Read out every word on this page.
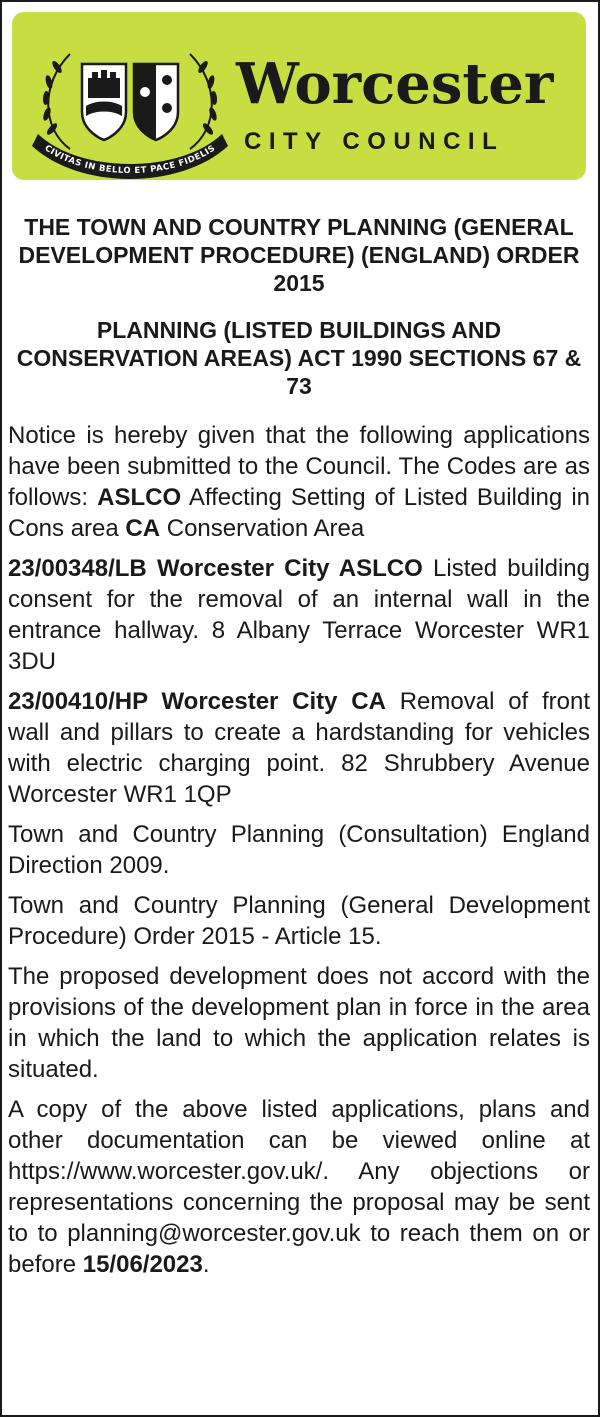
CIVITAS IN BELLO ET PACE FIDELIS
Worcester
CITY COUNCIL
THE TOWN AND COUNTRY PLANNING (GENERAL DEVELOPMENT PROCEDURE) (ENGLAND) ORDER 2015
PLANNING (LISTED BUILDINGS AND CONSERVATION AREAS) ACT 1990 SECTIONS 67 & 73

Notice is hereby given that the following applications have been submitted to the Council. The Codes are as follows: ASLCO Affecting Setting of Listed Building in Cons area CA Conservation Area

23/00348/LB Worcester City ASLCO Listed building consent for the removal of an internal wall in the entrance hallway. 8 Albany Terrace Worcester WR1 3DU

23/00410/HP Worcester City CA Removal of front wall and pillars to create a hardstanding for vehicles with electric charging point. 82 Shrubbery Avenue Worcester WR1 1QP

Town and Country Planning (Consultation) England Direction 2009.

Town and Country Planning (General Development Procedure) Order 2015 - Article 15.

The proposed development does not accord with the provisions of the development plan in force in the area in which the land to which the application relates is situated.

A copy of the above listed applications, plans and other documentation can be viewed online at https://www.worcester.gov.uk/. Any objections or representations concerning the proposal may be sent to to planning@worcester.gov.uk to reach them on or before 15/06/2023.
